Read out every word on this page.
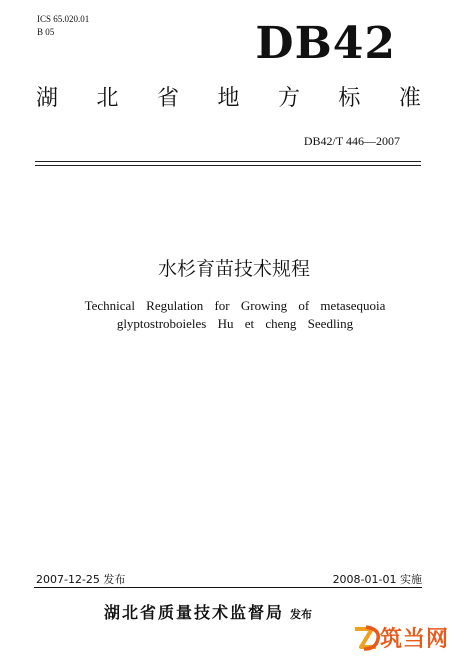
ICS 65.020.01
B 05	DB42
湖 北 省 地 方 标 准
DB42/T 446—2007
水杉育苗技术规程
Technical Regulation for Growing of metasequoia
glyptostroboieles Hu et cheng Seedling
2007-12-25 发布	2008-01-01 实施
湖北省质量技术监督局 发布
筑当网
